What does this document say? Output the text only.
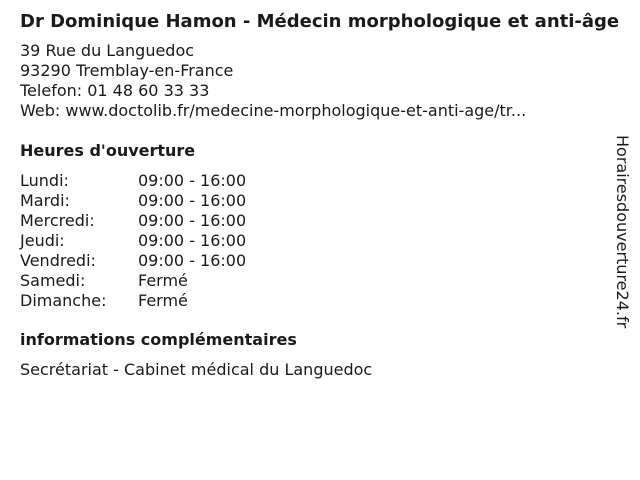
Dr Dominique Hamon - Médecin morphologique et anti-âge
39 Rue du Languedoc
93290 Tremblay-en-France
Telefon: 01 48 60 33 33
Web: www.doctolib.fr/medecine-morphologique-et-anti-age/tr...
Heures d'ouverture
Lundi:	09:00 - 16:00
Mardi:	09:00 - 16:00
Mercredi:	09:00 - 16:00
Jeudi:	09:00 - 16:00
Vendredi:	09:00 - 16:00
Samedi:	Fermé
Dimanche:	Fermé
informations complémentaires
Secrétariat - Cabinet médical du Languedoc
Horairesdouverture24.fr
